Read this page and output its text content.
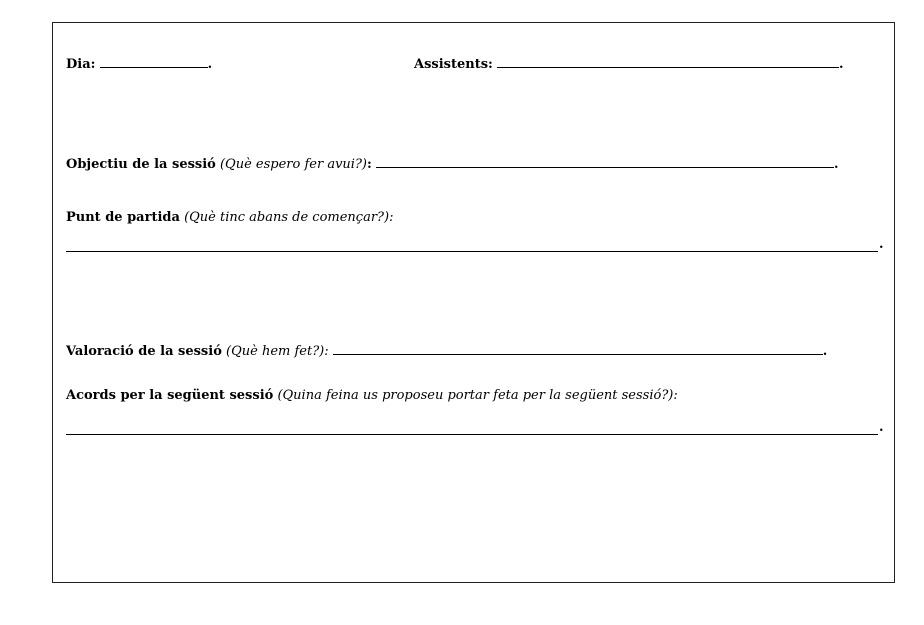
Dia:	.	Assistents:	.
Objectiu de la sessió (Què espero fer avui?):	.
Punt de partida (Què tinc abans de començar?):
.
Valoració de la sessió (Què hem fet?):	.
Acords per la següent sessió (Quina feina us proposeu portar feta per la següent sessió?):
.
